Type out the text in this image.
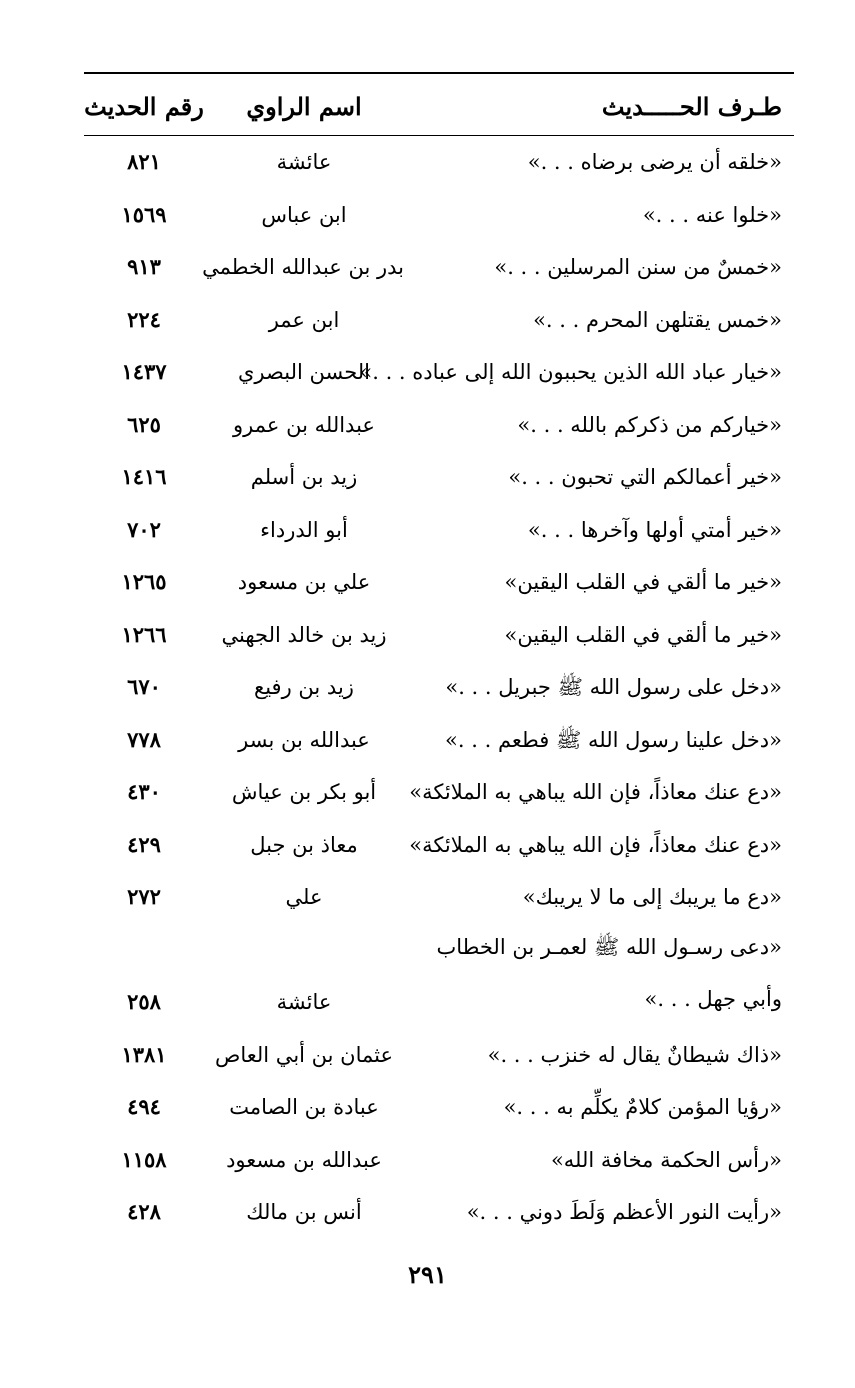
طـرف الحـــــديث
اسم الراوي
رقم الحديث
«خلقه أن يرضى برضاه . . .»
عائشة
٨٢١
«خلوا عنه . . .»
ابن عباس
١٥٦٩
«خمسٌ من سنن المرسلين . . .»
بدر بن عبدالله الخطمي
٩١٣
«خمس يقتلهن المحرم . . .»
ابن عمر
٢٢٤
«خيار عباد الله الذين يحببون الله إلى عباده . . .»
الحسن البصري
١٤٣٧
«خياركم من ذكركم بالله . . .»
عبدالله بن عمرو
٦٢٥
«خير أعمالكم التي تحبون . . .»
زيد بن أسلم
١٤١٦
«خير أمتي أولها وآخرها . . .»
أبو الدرداء
٧٠٢
«خير ما ألقي في القلب اليقين»
علي بن مسعود
١٢٦٥
«خير ما ألقي في القلب اليقين»
زيد بن خالد الجهني
١٢٦٦
«دخل على رسول الله ﷺ جبريل . . .»
زيد بن رفيع
٦٧٠
«دخل علينا رسول الله ﷺ فطعم . . .»
عبدالله بن بسر
٧٧٨
«دع عنك معاذاً، فإن الله يباهي به الملائكة»
أبو بكر بن عياش
٤٣٠
«دع عنك معاذاً، فإن الله يباهي به الملائكة»
معاذ بن جبل
٤٢٩
«دع ما يريبك إلى ما لا يريبك»
علي
٢٧٢
«دعى رسـول الله ﷺ لعمـر بن الخطاب وأبي جهل . . .»
عائشة
٢٥٨
«ذاك شيطانٌ يقال له خنزب . . .»
عثمان بن أبي العاص
١٣٨١
«رؤيا المؤمن كلامٌ يكلِّم به . . .»
عبادة بن الصامت
٤٩٤
«رأس الحكمة مخافة الله»
عبدالله بن مسعود
١١٥٨
«رأيت النور الأعظم وَلَطَ دوني . . .»
أنس بن مالك
٤٢٨
٢٩١
